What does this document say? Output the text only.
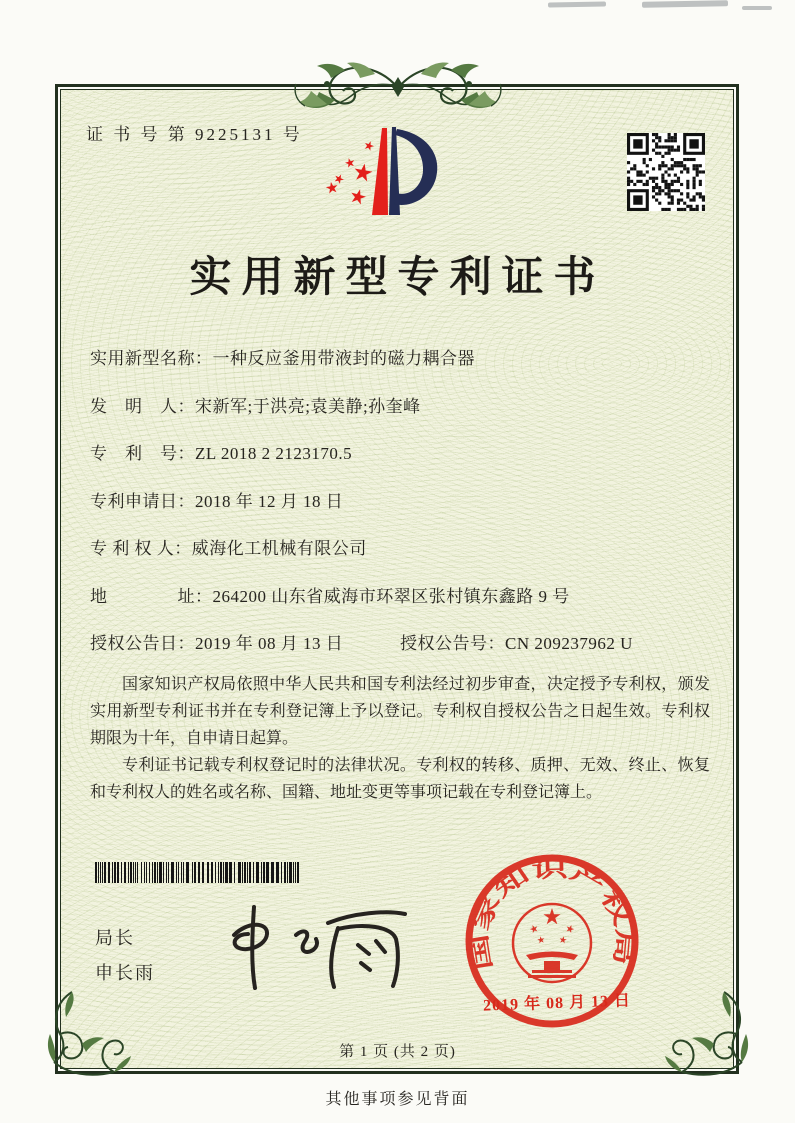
证 书 号 第 9225131 号
实用新型专利证书
实用新型名称：一种反应釜用带液封的磁力耦合器
发　明　人：宋新军;于洪亮;袁美静;孙奎峰
专　利　号：ZL 2018 2 2123170.5
专利申请日：2018 年 12 月 18 日
专 利 权 人：威海化工机械有限公司
地　　　　址：264200 山东省威海市环翠区张村镇东鑫路 9 号
授权公告日：2019 年 08 月 13 日	授权公告号：CN 209237962 U

国家知识产权局依照中华人民共和国专利法经过初步审查，决定授予专利权，颁发实用新型专利证书并在专利登记簿上予以登记。专利权自授权公告之日起生效。专利权期限为十年，自申请日起算。

专利证书记载专利权登记时的法律状况。专利权的转移、质押、无效、终止、恢复和专利权人的姓名或名称、国籍、地址变更等事项记载在专利登记簿上。

局长
申长雨
国家知识产权局
2019 年 08 月 13 日
第 1 页 (共 2 页)
其他事项参见背面
